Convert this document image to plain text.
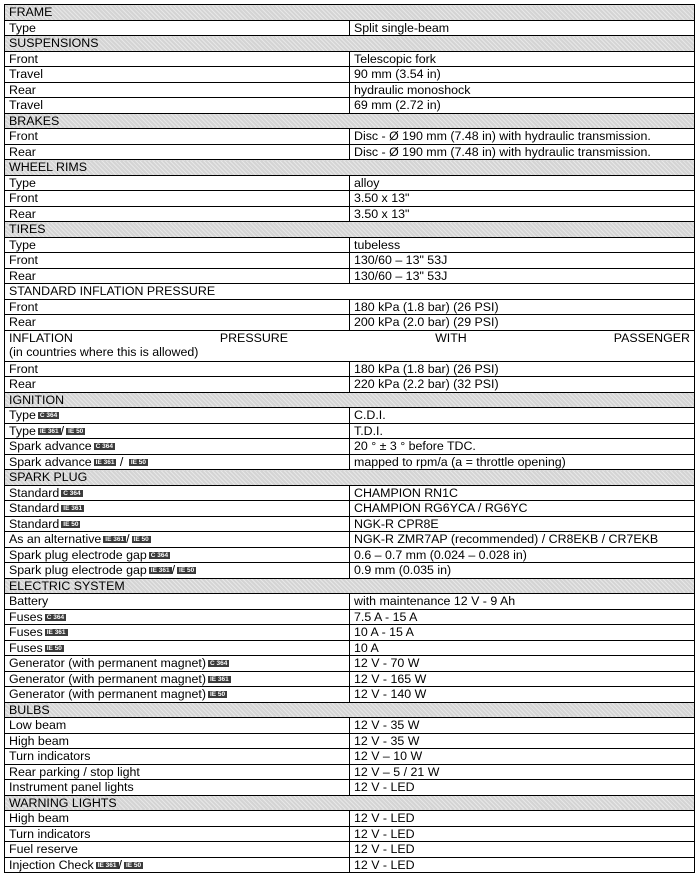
FRAME	
Type	Split single-beam
SUSPENSIONS	
Front	Telescopic fork
Travel	90 mm (3.54 in)
Rear	hydraulic monoshock
Travel	69 mm (2.72 in)
BRAKES	
Front	Disc - Ø 190 mm (7.48 in) with hydraulic transmission.
Rear	Disc - Ø 190 mm (7.48 in) with hydraulic transmission.
WHEEL RIMS	
Type	alloy
Front	3.50 x 13"
Rear	3.50 x 13"
TIRES	
Type	tubeless
Front	130/60 – 13" 53J
Rear	130/60 – 13" 53J
STANDARD INFLATION PRESSURE	
Front	180 kPa (1.8 bar) (26 PSI)
Rear	200 kPa (2.0 bar) (29 PSI)

INFLATION PRESSURE WITH PASSENGER
(in countries where this is allowed)	

Front	180 kPa (1.8 bar) (26 PSI)
Rear	220 kPa (2.2 bar) (32 PSI)
IGNITION	
Type C 364	C.D.I.
Type IE 361 / IE 50	T.D.I.
Spark advance C 364	20 ° ± 3 ° before TDC.
Spark advance IE 361 / IE 50	mapped to rpm/a (a = throttle opening)
SPARK PLUG	
Standard C 364	CHAMPION RN1C
Standard IE 361	CHAMPION RG6YCA / RG6YC
Standard IE 50	NGK-R CPR8E
As an alternative IE 361 / IE 50	NGK-R ZMR7AP (recommended) / CR8EKB / CR7EKB
Spark plug electrode gap C 364	0.6 – 0.7 mm (0.024 – 0.028 in)
Spark plug electrode gap IE 361 / IE 50	0.9 mm (0.035 in)
ELECTRIC SYSTEM	
Battery	with maintenance 12 V - 9 Ah
Fuses C 364	7.5 A - 15 A
Fuses IE 361	10 A - 15 A
Fuses IE 50	10 A
Generator (with permanent magnet) C 364	12 V - 70 W
Generator (with permanent magnet) IE 361	12 V - 165 W
Generator (with permanent magnet) IE 50	12 V - 140 W
BULBS	
Low beam	12 V - 35 W
High beam	12 V - 35 W
Turn indicators	12 V – 10 W
Rear parking / stop light	12 V – 5 / 21 W
Instrument panel lights	12 V - LED
WARNING LIGHTS	
High beam	12 V - LED
Turn indicators	12 V - LED
Fuel reserve	12 V - LED
Injection Check IE 361 / IE 50	12 V - LED
